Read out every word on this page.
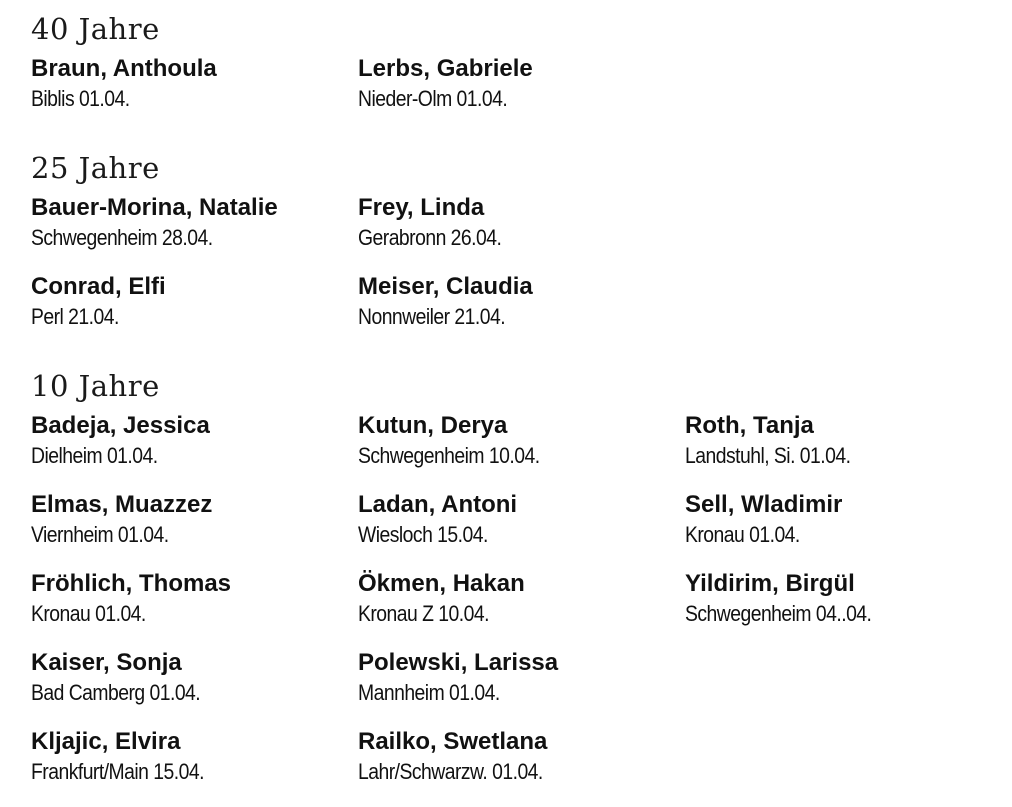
40 Jahre
Braun, Anthoula
Biblis 01.04.
Lerbs, Gabriele
Nieder-Olm 01.04.
25 Jahre
Bauer-Morina, Natalie
Schwegenheim 28.04.
Frey, Linda
Gerabronn 26.04.
Conrad, Elfi
Perl 21.04.
Meiser, Claudia
Nonnweiler 21.04.
10 Jahre
Badeja, Jessica
Dielheim 01.04.
Kutun, Derya
Schwegenheim 10.04.
Roth, Tanja
Landstuhl, Si. 01.04.
Elmas, Muazzez
Viernheim 01.04.
Ladan, Antoni
Wiesloch 15.04.
Sell, Wladimir
Kronau 01.04.
Fröhlich, Thomas
Kronau 01.04.
Ökmen, Hakan
Kronau Z 10.04.
Yildirim, Birgül
Schwegenheim 04..04.
Kaiser, Sonja
Bad Camberg 01.04.
Polewski, Larissa
Mannheim 01.04.
Kljajic, Elvira
Frankfurt/Main 15.04.
Railko, Swetlana
Lahr/Schwarzw. 01.04.
